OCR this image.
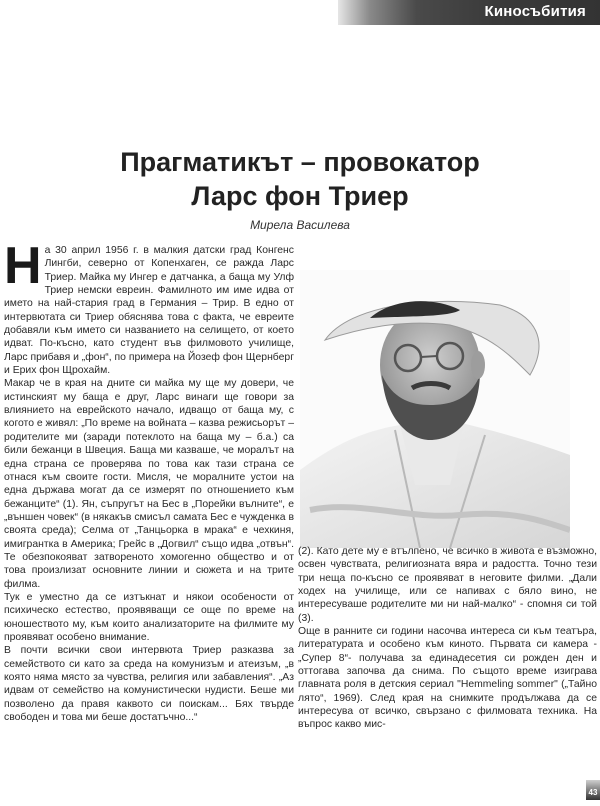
Киносъбития
Прагматикът – провокатор
Ларс фон Триер
Мирела Василева

На 30 април 1956 г. в малкия датски град Конгенс Лингби, северно от Копенхаген, се ражда Ларс Триер. Майка му Ингер е датчанка, а баща му Улф Триер немски евреин. Фамилното им име идва от името на най-стария град в Германия – Трир. В едно от интервютата си Триер обяснява това с факта, че евреите добавяли към името си названието на селището, от което идват. По-късно, като студент във филмовото училище, Ларс прибавя и „фон“, по примера на Йозеф фон Щернберг и Ерих фон Щрохайм.

Макар че в края на дните си майка му ще му довери, че истинският му баща е друг, Ларс винаги ще говори за влиянието на еврейското начало, идващо от баща му, с когото е живял: „По време на войната – казва режисьорът – родителите ми (заради потеклото на баща му – б.а.) са били бежанци в Швеция. Баща ми казваше, че моралът на една страна се проверява по това как тази страна се отнася към своите гости. Мисля, че моралните устои на една държава могат да се измерят по отношението към бежанците“ (1). Ян, съпругът на Бес в „Порейки вълните“, е „външен човек“ (в някакъв смисъл самата Бес е чужденка в своята среда); Селма от „Танцьорка в мрака“ е чехкиня, имигрантка в Америка; Грейс в „Догвил“ също идва „отвън“. Те обезпокояват затвореното хомогенно общество и от това произлизат основните линии и сюжета и на трите филма.

Тук е уместно да се изтъкнат и някои особености от психическо естество, проявяващи се още по време на юношеството му, към които анализаторите на филмите му проявяват особено внимание.

В почти всички свои интервюта Триер разказва за семейството си като за среда на комунизъм и атеизъм, „в която няма място за чувства, религия или забавления“. „Аз идвам от семейство на комунистически нудисти. Беше ми позволено да правя каквото си поискам... Бях твърде свободен и това ми беше достатъчно...“

(2). Като дете му е втълпено, че всичко в живота е възможно, освен чувствата, религиозната вяра и радостта. Точно тези три неща по-късно се проявяват в неговите филми. „Дали ходех на училище, или се напивах с бяло вино, не интересуваше родителите ми ни най-малко“ - спомня си той (3).

Още в ранните си години насочва интереса си към театъра, литературата и особено към киното. Първата си камера - „Супер 8“- получава за единадесетия си рожден ден и оттогава започва да снима. По същото време изиграва главната роля в детския сериал "Hemmeling sommer" („Тайно лято“, 1969). След края на снимките продължава да се интересува от всичко, свързано с филмовата техника. На въпрос какво мис-

43
